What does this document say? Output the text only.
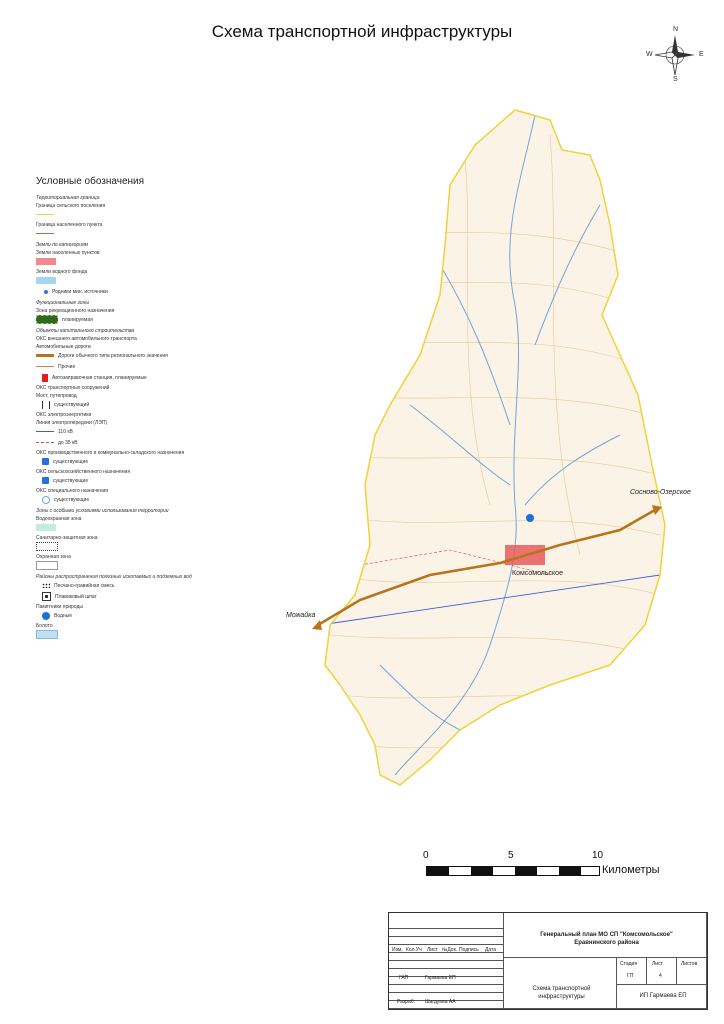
Схема транспортной инфраструктуры	N
S
W	E
Сосново-Озерское
Можайка
Комсомольское
Условные обозначения
Территориальная граница
Граница сельского поселения
Граница населенного пункта
Земли по категориям
Земли населенных пунктов
Земли водного фонда
Родники мин. источники
Функциональные зоны
Зона рекреационного назначения
планируемая
Объекты капитального строительства
ОКС внешнего автомобильного транспорта
Автомобильные дороги
Дороги обычного типа регионального значения
Прочие
Автозаправочная станция, планируемые
ОКС транспортных сооружений
Мост, путепровод
существующий
ОКС электроэнергетики
Линия электропередачи (ЛЭП)
110 кВ
до 35 кВ
ОКС производственного и коммунально-складского назначения
существующие
ОКС сельскохозяйственного назначения
существующие
ОКС специального назначения
существующие
Зоны с особыми условиями использования территории
Водоохранная зона
Санитарно-защитная зона
Охранная зона
Районы распространения полезных ископаемых и подземных вод
Песчано-гравийная смесь
Плавиковый шпат
Памятники природы
Водные
Болото
0	5	10
Километры
Изм. Кол.Уч Лист №Док. Подпись Дата
ГАП	Гармаева ЕП
Разраб. Шагдуева АА
Генеральный план МО СП "Комсомольское" Еравнинского района
Стадия	Лист	Листов
ГП	4
Схема транспортной инфраструктуры	ИП Гармаева ЕП
